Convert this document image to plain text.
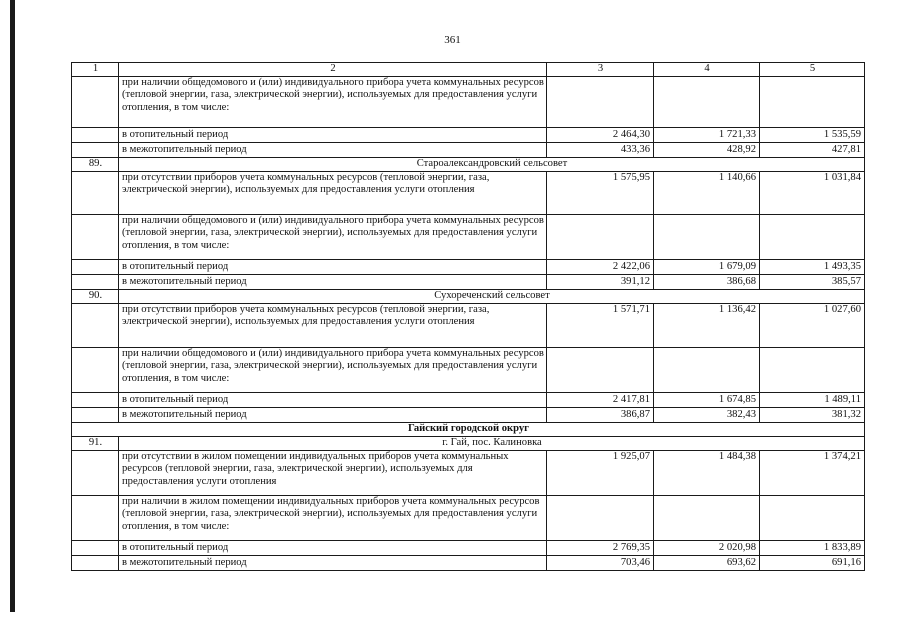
361
1	2	3	4	5
	при наличии общедомового и (или) индивидуального прибора учета коммунальных ресурсов (тепловой энергии, газа, электрической энергии), используемых для предоставления услуги отопления, в том числе:			
	в отопительный период	2 464,30	1 721,33	1 535,59
	в межотопительный период	433,36	428,92	427,81
89.	Староалександровский сельсовет			
	при отсутствии приборов учета коммунальных ресурсов (тепловой энергии, газа, электрической энергии), используемых для предоставления услуги отопления	1 575,95	1 140,66	1 031,84
	при наличии общедомового и (или) индивидуального прибора учета коммунальных ресурсов (тепловой энергии, газа, электрической энергии), используемых для предоставления услуги отопления, в том числе:			
	в отопительный период	2 422,06	1 679,09	1 493,35
	в межотопительный период	391,12	386,68	385,57
90.	Сухореченский сельсовет			
	при отсутствии приборов учета коммунальных ресурсов (тепловой энергии, газа, электрической энергии), используемых для предоставления услуги отопления	1 571,71	1 136,42	1 027,60
	при наличии общедомового и (или) индивидуального прибора учета коммунальных ресурсов (тепловой энергии, газа, электрической энергии), используемых для предоставления услуги отопления, в том числе:			
	в отопительный период	2 417,81	1 674,85	1 489,11
	в межотопительный период	386,87	382,43	381,32
Гайский городской округ				
91.	г. Гай, пос. Калиновка			
	при отсутствии в жилом помещении индивидуальных приборов учета коммунальных ресурсов (тепловой энергии, газа, электрической энергии), используемых для предоставления услуги отопления	1 925,07	1 484,38	1 374,21
	при наличии в жилом помещении индивидуальных приборов учета коммунальных ресурсов (тепловой энергии, газа, электрической энергии), используемых для предоставления услуги отопления, в том числе:			
	в отопительный период	2 769,35	2 020,98	1 833,89
	в межотопительный период	703,46	693,62	691,16
